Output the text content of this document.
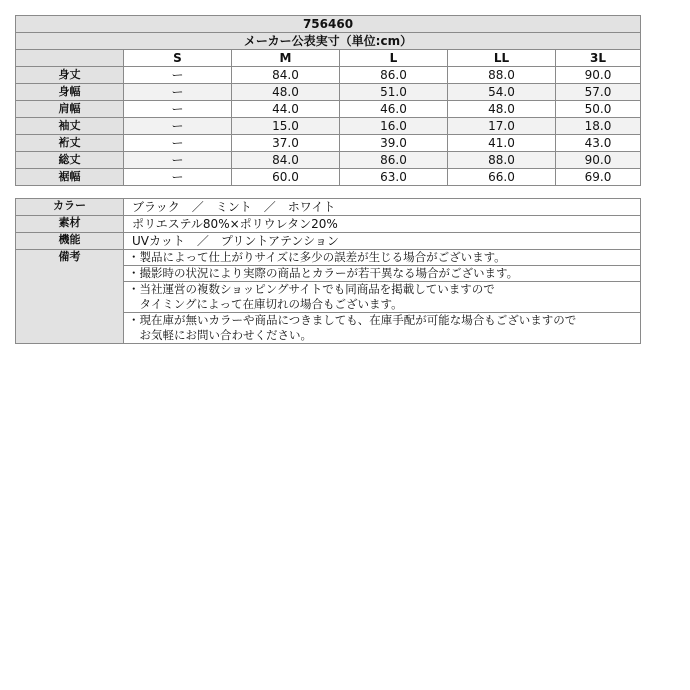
756460					
メーカー公表実寸（単位:cm）					
	S	M	L	LL	3L
身丈	ー	84.0	86.0	88.0	90.0
身幅	ー	48.0	51.0	54.0	57.0
肩幅	ー	44.0	46.0	48.0	50.0
袖丈	ー	15.0	16.0	17.0	18.0
裄丈	ー	37.0	39.0	41.0	43.0
総丈	ー	84.0	86.0	88.0	90.0
裾幅	ー	60.0	63.0	66.0	69.0
カラー	ブラック　／　ミント　／　ホワイト
素材	ポリエステル80%×ポリウレタン20%
機能	UVカット　／　プリントアテンション
備考	・製品によって仕上がりサイズに多少の誤差が生じる場合がございます。

	・撮影時の状況により実際の商品とカラーが若干異なる場合がございます。

	・当社運営の複数ショッピングサイトでも同商品を掲載していますので
　タイミングによって在庫切れの場合もございます。

	・現在庫が無いカラーや商品につきましても、在庫手配が可能な場合もございますので
　お気軽にお問い合わせください。
